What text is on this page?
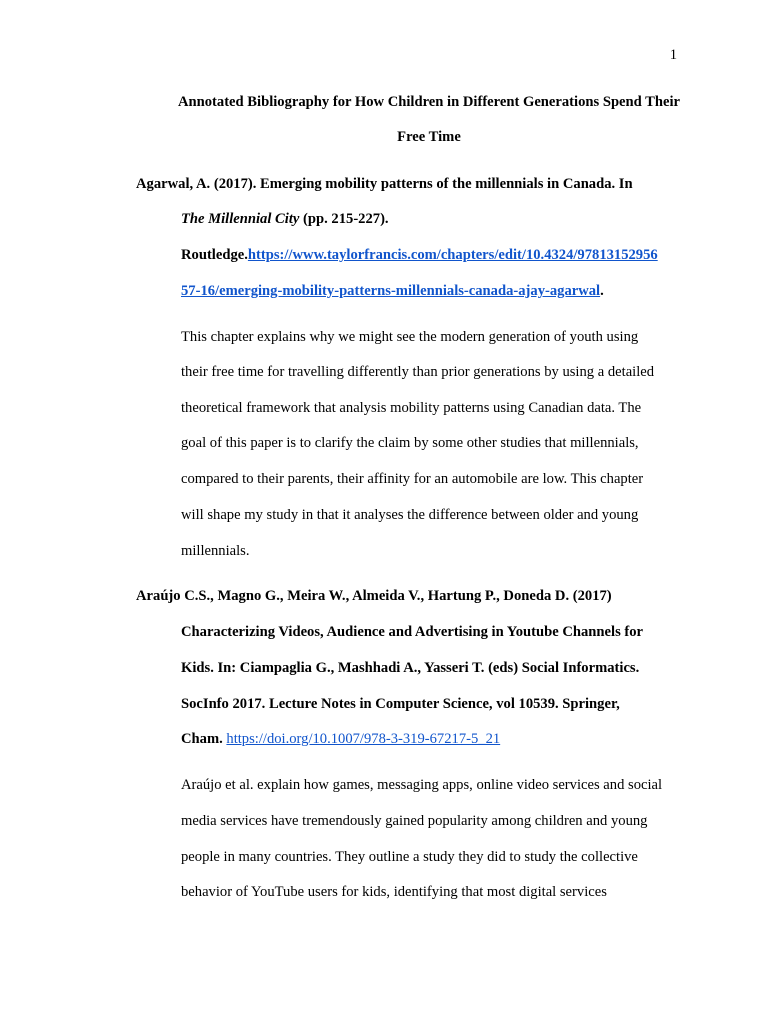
1
Annotated Bibliography for How Children in Different Generations Spend Their
Free Time
Agarwal, A. (2017). Emerging mobility patterns of the millennials in Canada. In
The Millennial City (pp. 215-227).
Routledge.https://www.taylorfrancis.com/chapters/edit/10.4324/97813152956
57-16/emerging-mobility-patterns-millennials-canada-ajay-agarwal.
This chapter explains why we might see the modern generation of youth using
their free time for travelling differently than prior generations by using a detailed
theoretical framework that analysis mobility patterns using Canadian data. The
goal of this paper is to clarify the claim by some other studies that millennials,
compared to their parents, their affinity for an automobile are low. This chapter
will shape my study in that it analyses the difference between older and young
millennials.
Araújo C.S., Magno G., Meira W., Almeida V., Hartung P., Doneda D. (2017)
Characterizing Videos, Audience and Advertising in Youtube Channels for
Kids. In: Ciampaglia G., Mashhadi A., Yasseri T. (eds) Social Informatics.
SocInfo 2017. Lecture Notes in Computer Science, vol 10539. Springer,
Cham. https://doi.org/10.1007/978-3-319-67217-5_21
Araújo et al. explain how games, messaging apps, online video services and social
media services have tremendously gained popularity among children and young
people in many countries. They outline a study they did to study the collective
behavior of YouTube users for kids, identifying that most digital services
